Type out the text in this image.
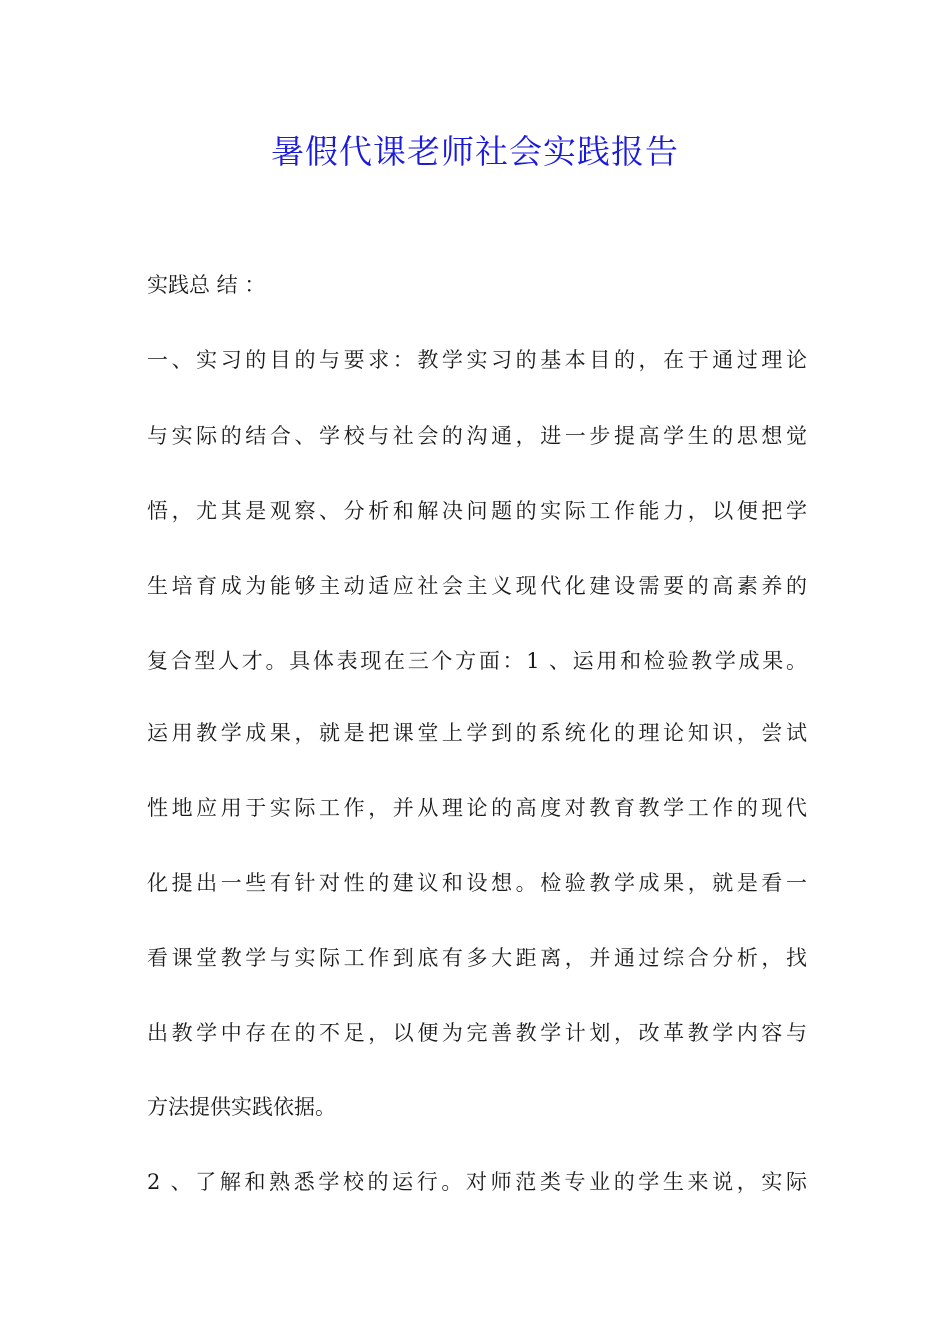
暑假代课老师社会实践报告

实践总 结 ：

一、实习的目的与要求：教学实习的基本目的，在于通过理论

与实际的结合、学校与社会的沟通，进一步提高学生的思想觉

悟，尤其是观察、分析和解决问题的实际工作能力，以便把学

生培育成为能够主动适应社会主义现代化建设需要的高素养的

复合型人才。具体表现在三个方面：1 、运用和检验教学成果。

运用教学成果，就是把课堂上学到的系统化的理论知识，尝试

性地应用于实际工作，并从理论的高度对教育教学工作的现代

化提出一些有针对性的建议和设想。检验教学成果，就是看一

看课堂教学与实际工作到底有多大距离，并通过综合分析，找

出教学中存在的不足，以便为完善教学计划，改革教学内容与

方法提供实践依据。

2 、了解和熟悉学校的运行。对师范类专业的学生来说，实际
